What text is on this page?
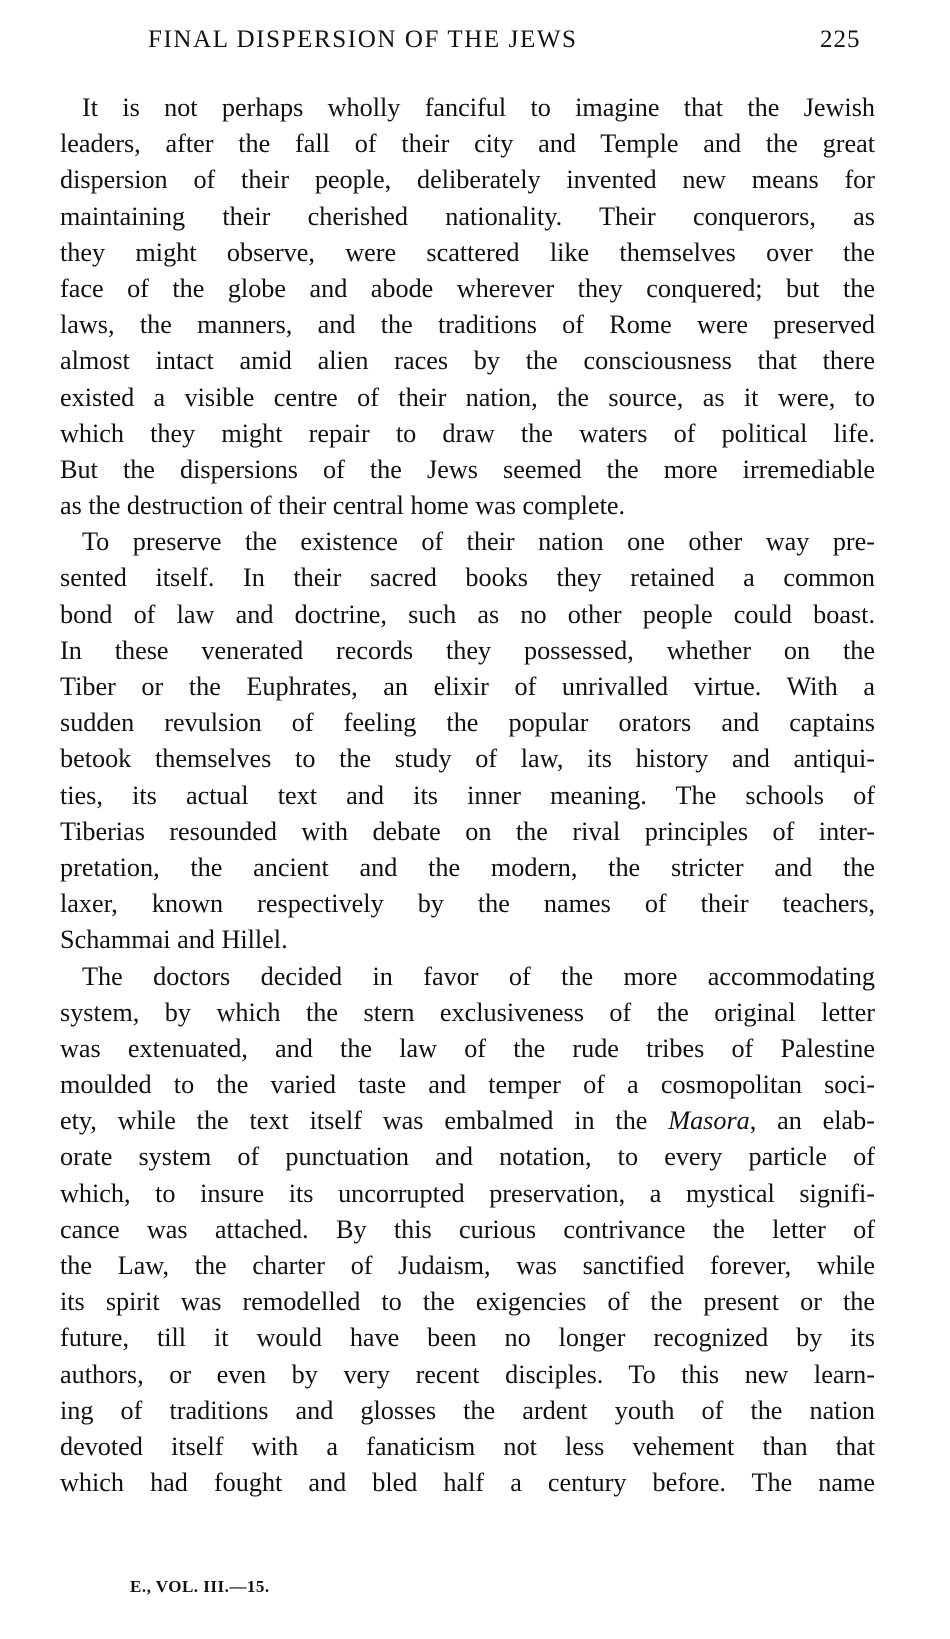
FINAL DISPERSION OF THE JEWS	225
It is not perhaps wholly fanciful to imagine that the Jewish
leaders, after the fall of their city and Temple and the great
dispersion of their people, deliberately invented new means for
maintaining their cherished nationality. Their conquerors, as
they might observe, were scattered like themselves over the
face of the globe and abode wherever they conquered; but the
laws, the manners, and the traditions of Rome were preserved
almost intact amid alien races by the consciousness that there
existed a visible centre of their nation, the source, as it were, to
which they might repair to draw the waters of political life.
But the dispersions of the Jews seemed the more irremediable
as the destruction of their central home was complete.
To preserve the existence of their nation one other way pre-
sented itself. In their sacred books they retained a common
bond of law and doctrine, such as no other people could boast.
In these venerated records they possessed, whether on the
Tiber or the Euphrates, an elixir of unrivalled virtue. With a
sudden revulsion of feeling the popular orators and captains
betook themselves to the study of law, its history and antiqui-
ties, its actual text and its inner meaning. The schools of
Tiberias resounded with debate on the rival principles of inter-
pretation, the ancient and the modern, the stricter and the
laxer, known respectively by the names of their teachers,
Schammai and Hillel.
The doctors decided in favor of the more accommodating
system, by which the stern exclusiveness of the original letter
was extenuated, and the law of the rude tribes of Palestine
moulded to the varied taste and temper of a cosmopolitan soci-
ety, while the text itself was embalmed in the Masora, an elab-
orate system of punctuation and notation, to every particle of
which, to insure its uncorrupted preservation, a mystical signifi-
cance was attached. By this curious contrivance the letter of
the Law, the charter of Judaism, was sanctified forever, while
its spirit was remodelled to the exigencies of the present or the
future, till it would have been no longer recognized by its
authors, or even by very recent disciples. To this new learn-
ing of traditions and glosses the ardent youth of the nation
devoted itself with a fanaticism not less vehement than that
which had fought and bled half a century before. The name
E., VOL. III.—15.
